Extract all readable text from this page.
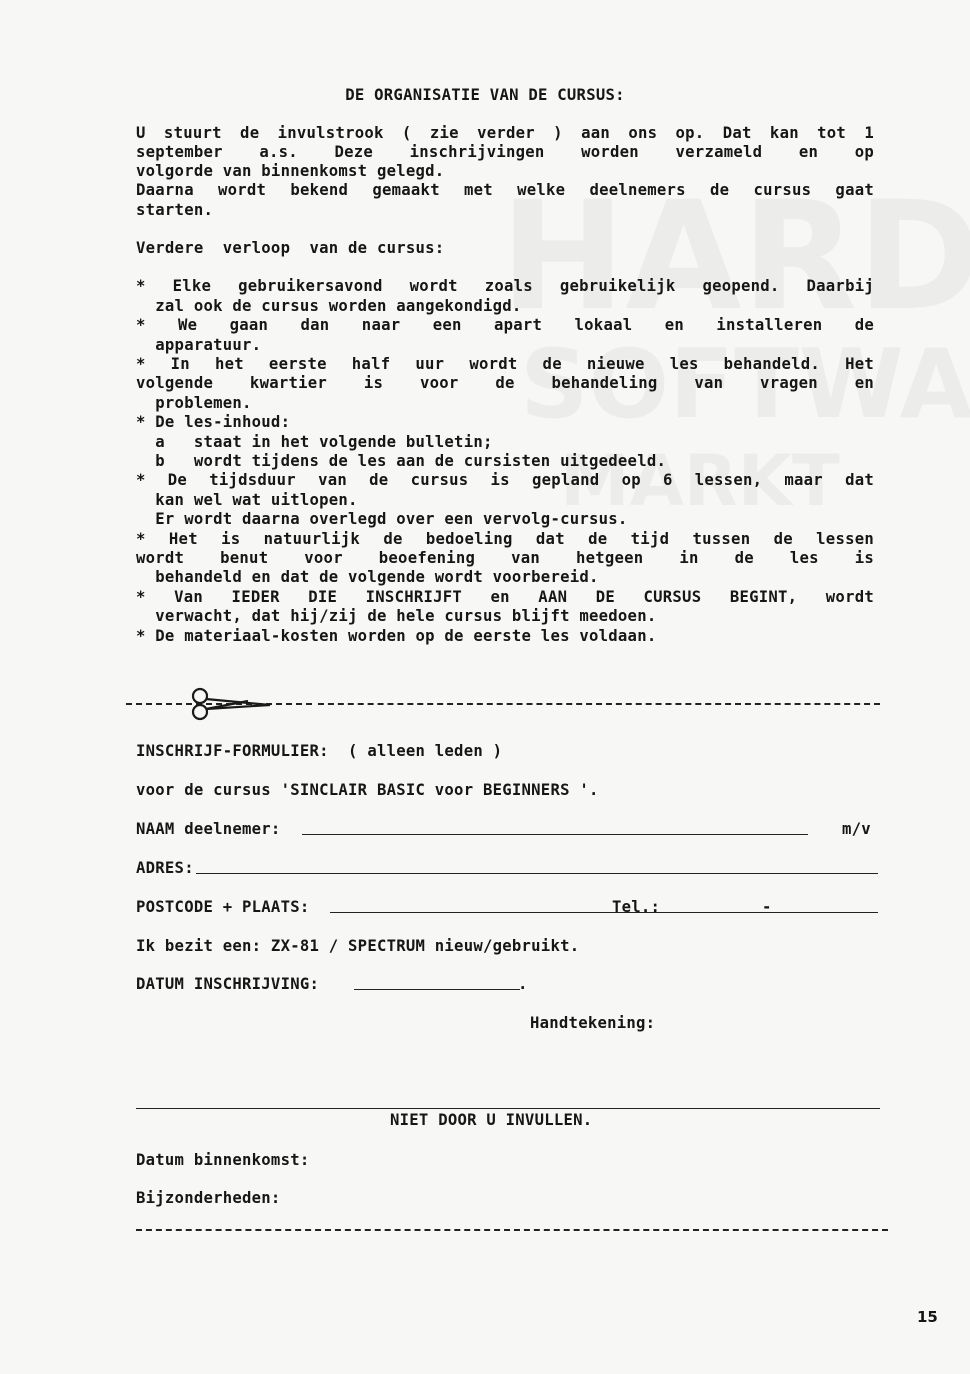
DE ORGANISATIE VAN DE CURSUS:
U stuurt de invulstrook ( zie verder ) aan ons op. Dat kan tot 1
september a.s. Deze inschrijvingen worden verzameld en op
volgorde van binnenkomst gelegd.
Daarna wordt bekend gemaakt met welke deelnemers de cursus gaat
starten.
Verdere  verloop  van de cursus:
* Elke gebruikersavond wordt zoals gebruikelijk geopend. Daarbij
zal ook de cursus worden aangekondigd.
* We gaan dan naar een apart lokaal en installeren de
apparatuur.
* In het eerste half uur wordt de nieuwe les behandeld. Het
volgende kwartier is voor de behandeling van vragen en
problemen.
* De les-inhoud:
a   staat in het volgende bulletin;
b   wordt tijdens de les aan de cursisten uitgedeeld.
* De tijdsduur van de cursus is gepland op 6 lessen, maar dat
kan wel wat uitlopen.
Er wordt daarna overlegd over een vervolg-cursus.
* Het is natuurlijk de bedoeling dat de tijd tussen de lessen
wordt benut voor beoefening van hetgeen in de les is
behandeld en dat de volgende wordt voorbereid.
* Van IEDER DIE INSCHRIJFT en AAN DE CURSUS BEGINT, wordt
verwacht, dat hij/zij de hele cursus blijft meedoen.
* De materiaal-kosten worden op de eerste les voldaan.
INSCHRIJF-FORMULIER:  ( alleen leden )
voor de cursus 'SINCLAIR BASIC voor BEGINNERS '.
NAAM deelnemer:	m/v
ADRES:
POSTCODE + PLAATS:	Tel.:	-
Ik bezit een: ZX-81 / SPECTRUM nieuw/gebruikt.
DATUM INSCHRIJVING:	.
Handtekening:
NIET DOOR U INVULLEN.
Datum binnenkomst:
Bijzonderheden:
15
